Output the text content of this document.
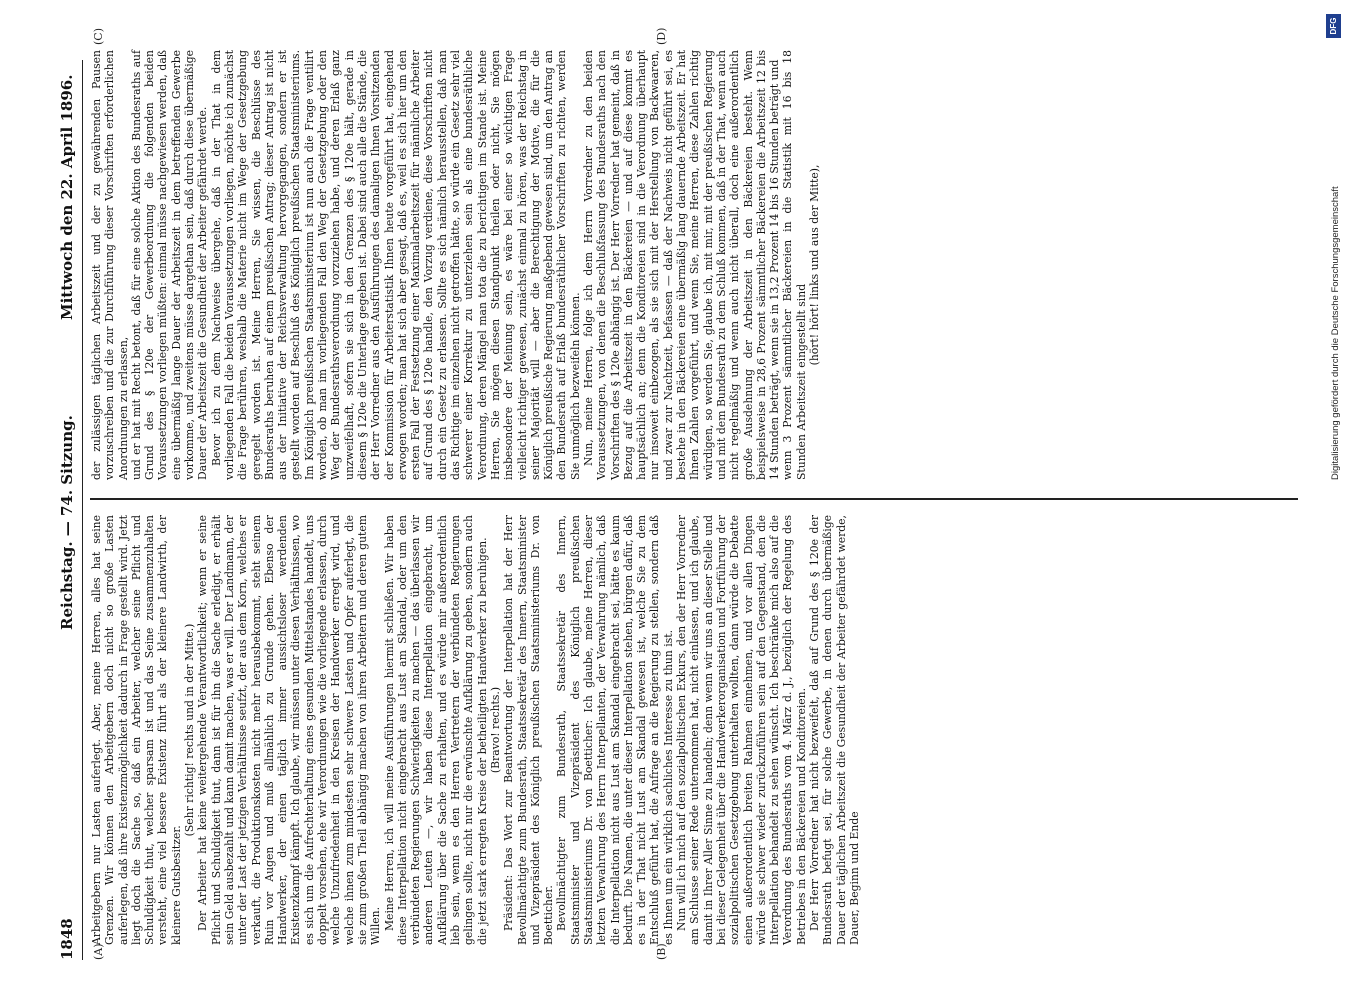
1848
Reichstag. — 74. Sitzung.
Mittwoch den 22. April 1896.
(A)	(B)
(C)	(D)

Arbeitgebern nur Lasten auferlegt. Aber, meine Herren, alles hat seine Grenzen. Wir können den Arbeitgebern doch nicht so große Lasten auferlegen, daß ihre Existenzmöglichkeit dadurch in Frage gestellt wird. Jetzt liegt doch die Sache so, daß ein Arbeiter, welcher seine Pflicht und Schuldigkeit thut, welcher sparsam ist und das Seine zusammenzuhalten versteht, eine viel bessere Existenz führt als der kleinere Landwirth, der kleinere Gutsbesitzer.

(Sehr richtig! rechts und in der Mitte.) Der Arbeiter hat keine weitergehende Verantwortlichkeit; wenn er seine Pflicht und Schuldigkeit thut, dann ist für ihn die Sache erledigt, er erhält sein Geld ausbezahlt und kann damit machen, was er will. Der Landmann, der unter der Last der jetzigen Verhältnisse seufzt, der aus dem Korn, welches er verkauft, die Produktionskosten nicht mehr herausbekommt, steht seinem Ruin vor Augen und muß allmählich zu Grunde gehen. Ebenso der Handwerker, der einen täglich immer aussichtsloser werdenden Existenzkampf kämpft. Ich glaube, wir müssen unter diesen Verhältnissen, wo es sich um die Aufrechterhaltung eines gesunden Mittelstandes handelt, uns doppelt vorsehen, ehe wir Verordnungen wie die vorliegende erlassen, durch welche Unzufriedenheit in den Kreisen der Handwerker erregt wird, und welche ihnen zum mindesten sehr schwere Lasten und Opfer auferlegt, die sie zum großen Theil abhängig machen von ihren Arbeitern und deren gutem Willen. Meine Herren, ich will meine Ausführungen hiermit schließen. Wir haben diese Interpellation nicht eingebracht aus Lust am Skandal, oder um den verbündeten Regierungen Schwierigkeiten zu machen — das überlassen wir anderen Leuten —, wir haben diese Interpellation eingebracht, um Aufklärung über die Sache zu erhalten, und es würde mir außerordentlich lieb sein, wenn es den Herren Vertretern der verbündeten Regierungen gelingen sollte, nicht nur die erwünschte Aufklärung zu geben, sondern auch die jetzt stark erregten Kreise der betheiligten Handwerker zu beruhigen. (Bravo! rechts.) Präsident: Das Wort zur Beantwortung der Interpellation hat der Herr Bevollmächtigte zum Bundesrath, Staatssekretär des Innern, Staatsminister und Vizepräsident des Königlich preußischen Staatsministeriums Dr. von Boetticher. Bevollmächtigter zum Bundesrath, Staatssekretär des Innern, Staatsminister und Vizepräsident des Königlich preußischen Staatsministeriums Dr. von Boetticher: Ich glaube, meine Herren, dieser letzten Verwahrung des Herrn Interpellanten, der Verwahrung nämlich, daß die Interpellation nicht aus Lust am Skandal eingebracht sei, hätte es kaum bedurft. Die Namen, die unter dieser Interpellation stehen, bürgen dafür, daß es in der That nicht Lust am Skandal gewesen ist, welche Sie zu dem Entschluß geführt hat, die Anfrage an die Regierung zu stellen, sondern daß es Ihnen um ein wirklich sachliches Interesse zu thun ist. Nun will ich mich auf den sozialpolitischen Exkurs, den der Herr Vorredner am Schlusse seiner Rede unternommen hat, nicht einlassen, und ich glaube, damit in Ihrer Aller Sinne zu handeln; denn wenn wir uns an dieser Stelle und bei dieser Gelegenheit über die Handwerkerorganisation und Fortführung der sozialpolitischen Gesetzgebung unterhalten wollten, dann würde die Debatte einen außerordentlich breiten Rahmen einnehmen, und vor allen Dingen würde sie schwer wieder zurückzuführen sein auf den Gegenstand, den die Interpellation behandelt zu sehen wünscht. Ich beschränke mich also auf die Verordnung des Bundesraths vom 4. März d. J., bezüglich der Regelung des Betriebes in den Bäckereien und Konditoreien. Der Herr Vorredner hat nicht bezweifelt, daß auf Grund des § 120e der Bundesrath befugt sei, für solche Gewerbe, in denen durch übermäßige Dauer der täglichen Arbeitszeit die Gesundheit der Arbeiter gefährdet werde, Dauer, Beginn und Ende

der zulässigen täglichen Arbeitszeit und der zu gewährenden Pausen vorzuschreiben und die zur Durchführung dieser Vorschriften erforderlichen Anordnungen zu erlassen, und er hat mit Recht betont, daß für eine solche Aktion des Bundesraths auf Grund des § 120e der Gewerbeordnung die folgenden beiden Voraussetzungen vorliegen müßten: einmal müsse nachgewiesen werden, daß eine übermäßig lange Dauer der Arbeitszeit in dem betreffenden Gewerbe vorkomme, und zweitens müsse dargethan sein, daß durch diese übermäßige Dauer der Arbeitszeit die Gesundheit der Arbeiter gefährdet werde. Bevor ich zu dem Nachweise übergehe, daß in der That in dem vorliegenden Fall die beiden Voraussetzungen vorliegen, möchte ich zunächst die Frage berühren, weshalb die Materie nicht im Wege der Gesetzgebung geregelt worden ist. Meine Herren, Sie wissen, die Beschlüsse des Bundesraths beruhen auf einem preußischen Antrag; dieser Antrag ist nicht aus der Initiative der Reichsverwaltung hervorgegangen, sondern er ist gestellt worden auf Beschluß des Königlich preußischen Staatsministeriums. Im Königlich preußischen Staatsministerium ist nun auch die Frage ventilirt worden, ob man im vorliegenden Fall den Weg der Gesetzgebung oder den Weg der Bundesrathsverordnung vorzuziehen habe, und deren Erlaß ganz unzweifelhaft, sofern sie sich in den Grenzen des § 120e hält, gerade in diesem § 120e die Unterlage gegeben ist. Dabei sind auch alle die Stände, die der Herr Vorredner aus den Ausführungen des damaligen Ihnen Vorsitzenden der Kommission für Arbeiterstatistik Ihnen heute vorgeführt hat, eingehend erwogen worden; man hat sich aber gesagt, daß es, weil es sich hier um den ersten Fall der Festsetzung einer Maximalarbeitszeit für männliche Arbeiter auf Grund des § 120e handle, den Vorzug verdiene, diese Vorschriften nicht durch ein Gesetz zu erlassen. Sollte es sich nämlich herausstellen, daß man das Richtige im einzelnen nicht getroffen hätte, so würde ein Gesetz sehr viel schwerer einer Korrektur zu unterziehen sein als eine bundesräthliche Verordnung, deren Mängel man tota die zu berichtigen im Stande ist. Meine Herren, Sie mögen diesen Standpunkt theilen oder nicht, Sie mögen insbesondere der Meinung sein, es wäre bei einer so wichtigen Frage vielleicht richtiger gewesen, zunächst einmal zu hören, was der Reichstag in seiner Majorität will — aber die Berechtigung der Motive, die für die Königlich preußische Regierung maßgebend gewesen sind, um den Antrag an den Bundesrath auf Erlaß bundesräthlicher Vorschriften zu richten, werden Sie unmöglich bezweifeln können. Nun, meine Herren, folge ich dem Herrn Vorredner zu den beiden Voraussetzungen, von denen die Beschlußfassung des Bundesraths nach den Vorschriften des § 120e abhängig ist. Der Herr Vorredner hat gemeint, daß in Bezug auf die Arbeitszeit in den Bäckereien — und auf diese kommt es hauptsächlich an; denn die Konditoreien sind in die Verordnung überhaupt nur insoweit einbezogen, als sie sich mit der Herstellung von Backwaaren, und zwar zur Nachtzeit, befassen — daß der Nachweis nicht geführt sei, es bestehe in den Bäckereien eine übermäßig lang dauernde Arbeitszeit. Er hat Ihnen Zahlen vorgeführt, und wenn Sie, meine Herren, diese Zahlen richtig würdigen, so werden Sie, glaube ich, mit mir, mit der preußischen Regierung und mit dem Bundesrath zu dem Schluß kommen, daß in der That, wenn auch nicht regelmäßig und wenn auch nicht überall, doch eine außerordentlich große Ausdehnung der Arbeitszeit in den Bäckereien besteht. Wenn beispielsweise in 28,6 Prozent sämmtlicher Bäckereien die Arbeitszeit 12 bis 14 Stunden beträgt, wenn sie in 13,2 Prozent 14 bis 16 Stunden beträgt und wenn 3 Prozent sämmtlicher Bäckereien in die Statistik mit 16 bis 18 Stunden Arbeitszeit eingestellt sind

(hört! hört! links und aus der Mitte),	Digitalisierung gefördert durch die Deutsche Forschungsgemeinschaft
DFG
